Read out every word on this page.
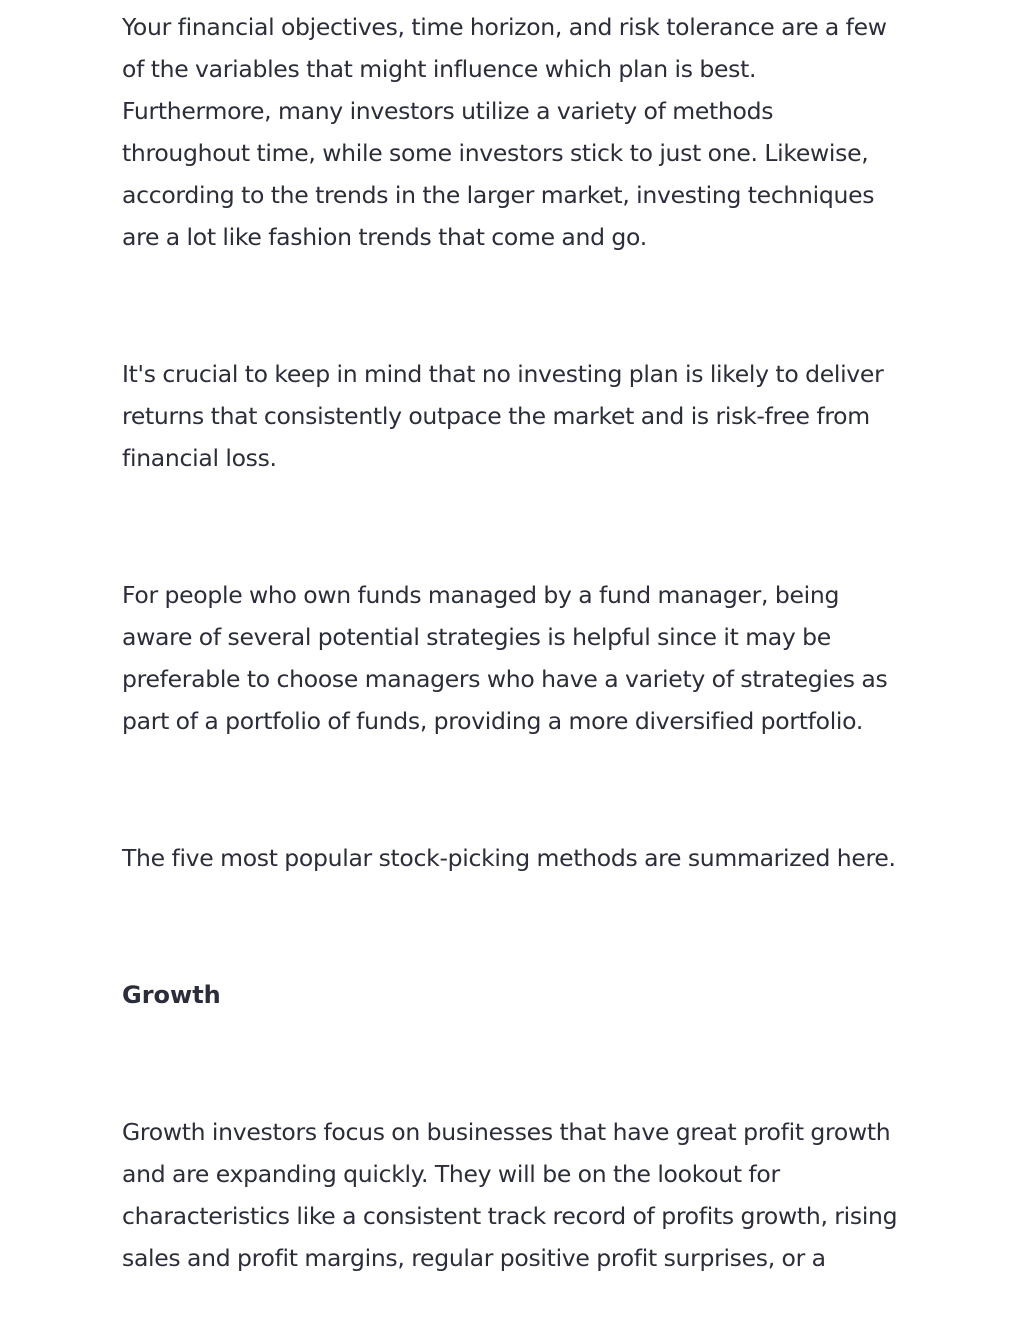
Your financial objectives, time horizon, and risk tolerance are a few of the variables that might influence which plan is best. Furthermore, many investors utilize a variety of methods throughout time, while some investors stick to just one. Likewise, according to the trends in the larger market, investing techniques are a lot like fashion trends that come and go.

It's crucial to keep in mind that no investing plan is likely to deliver returns that consistently outpace the market and is risk-free from financial loss.

For people who own funds managed by a fund manager, being aware of several potential strategies is helpful since it may be preferable to choose managers who have a variety of strategies as part of a portfolio of funds, providing a more diversified portfolio.

The five most popular stock-picking methods are summarized here.

Growth

Growth investors focus on businesses that have great profit growth and are expanding quickly. They will be on the lookout for characteristics like a consistent track record of profits growth, rising sales and profit margins, regular positive profit surprises, or a
